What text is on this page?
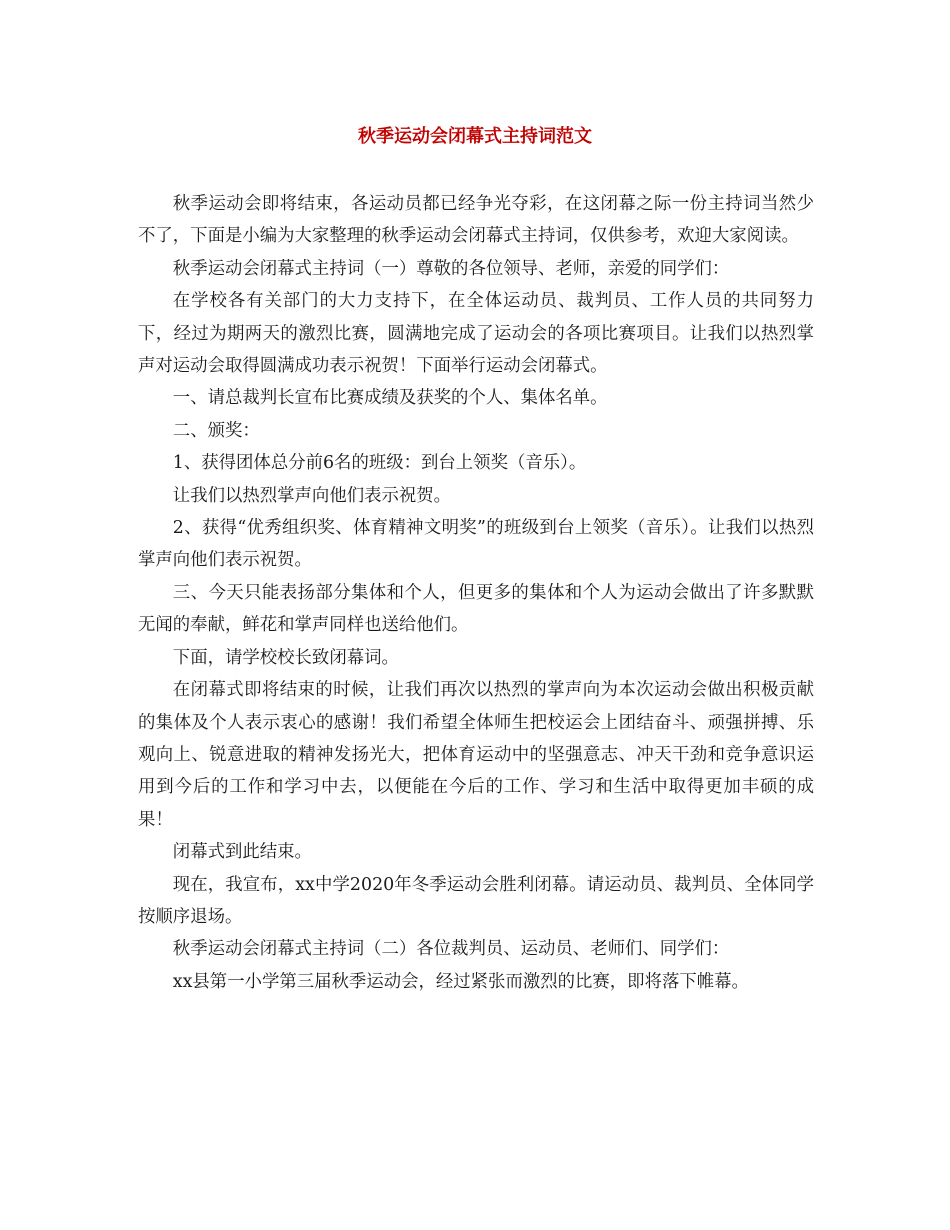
秋季运动会闭幕式主持词范文

秋季运动会即将结束，各运动员都已经争光夺彩，在这闭幕之际一份主持词当然少不了，下面是小编为大家整理的秋季运动会闭幕式主持词，仅供参考，欢迎大家阅读。

秋季运动会闭幕式主持词（一）尊敬的各位领导、老师，亲爱的同学们：

在学校各有关部门的大力支持下，在全体运动员、裁判员、工作人员的共同努力下，经过为期两天的激烈比赛，圆满地完成了运动会的各项比赛项目。让我们以热烈掌声对运动会取得圆满成功表示祝贺！下面举行运动会闭幕式。

一、请总裁判长宣布比赛成绩及获奖的个人、集体名单。

二、颁奖：

1、获得团体总分前6名的班级：到台上领奖（音乐）。

让我们以热烈掌声向他们表示祝贺。

2、获得“优秀组织奖、体育精神文明奖”的班级到台上领奖（音乐）。让我们以热烈掌声向他们表示祝贺。

三、今天只能表扬部分集体和个人，但更多的集体和个人为运动会做出了许多默默无闻的奉献，鲜花和掌声同样也送给他们。

下面，请学校校长致闭幕词。

在闭幕式即将结束的时候，让我们再次以热烈的掌声向为本次运动会做出积极贡献的集体及个人表示衷心的感谢！我们希望全体师生把校运会上团结奋斗、顽强拼搏、乐观向上、锐意进取的精神发扬光大，把体育运动中的坚强意志、冲天干劲和竞争意识运用到今后的工作和学习中去，以便能在今后的工作、学习和生活中取得更加丰硕的成果！

闭幕式到此结束。

现在，我宣布，xx中学2020年冬季运动会胜利闭幕。请运动员、裁判员、全体同学按顺序退场。

秋季运动会闭幕式主持词（二）各位裁判员、运动员、老师们、同学们：

xx县第一小学第三届秋季运动会，经过紧张而激烈的比赛，即将落下帷幕。
